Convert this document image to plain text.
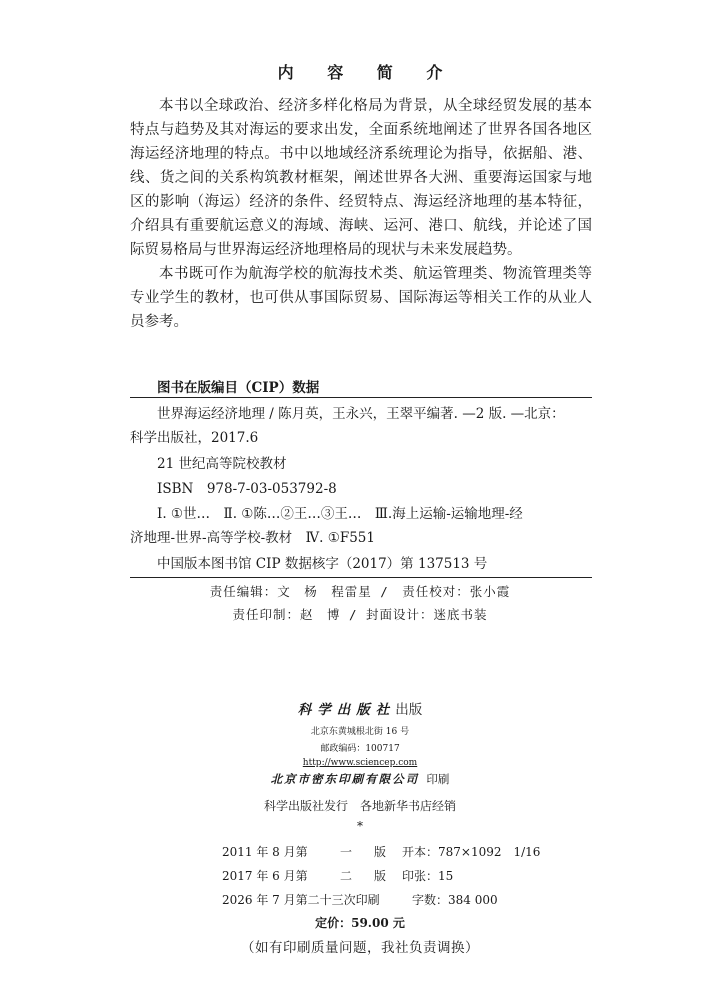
内 容 简 介

本书以全球政治、经济多样化格局为背景，从全球经贸发展的基本特点与趋势及其对海运的要求出发，全面系统地阐述了世界各国各地区海运经济地理的特点。书中以地域经济系统理论为指导，依据船、港、线、货之间的关系构筑教材框架，阐述世界各大洲、重要海运国家与地区的影响（海运）经济的条件、经贸特点、海运经济地理的基本特征，介绍具有重要航运意义的海域、海峡、运河、港口、航线，并论述了国际贸易格局与世界海运经济地理格局的现状与未来发展趋势。

本书既可作为航海学校的航海技术类、航运管理类、物流管理类等专业学生的教材，也可供从事国际贸易、国际海运等相关工作的从业人员参考。

图书在版编目（CIP）数据
世界海运经济地理 / 陈月英，王永兴，王翠平编著. —2 版. —北京：
科学出版社，2017.6
21 世纪高等院校教材
ISBN　978-7-03-053792-8
Ⅰ. ①世…　Ⅱ. ①陈…②王…③王…　Ⅲ.海上运输-运输地理-经
济地理-世界-高等学校-教材　Ⅳ. ①F551
中国版本图书馆 CIP 数据核字（2017）第 137513 号
责任编辑：文　杨　程雷星 /　责任校对：张小霞
责任印制：赵　博 / 封面设计：迷底书装
科学出版社出版
北京东黄城根北街 16 号
邮政编码：100717
http://www.sciencep.com
北京市密东印刷有限公司 印刷
科学出版社发行　各地新华书店经销
*
2011 年 8 月第	一 版 开本：787×1092　1/16
2017 年 6 月第	二 版 印张：15
2026 年 7 月第二十三次印刷	字数：384 000
定价：59.00 元
（如有印刷质量问题，我社负责调换）
